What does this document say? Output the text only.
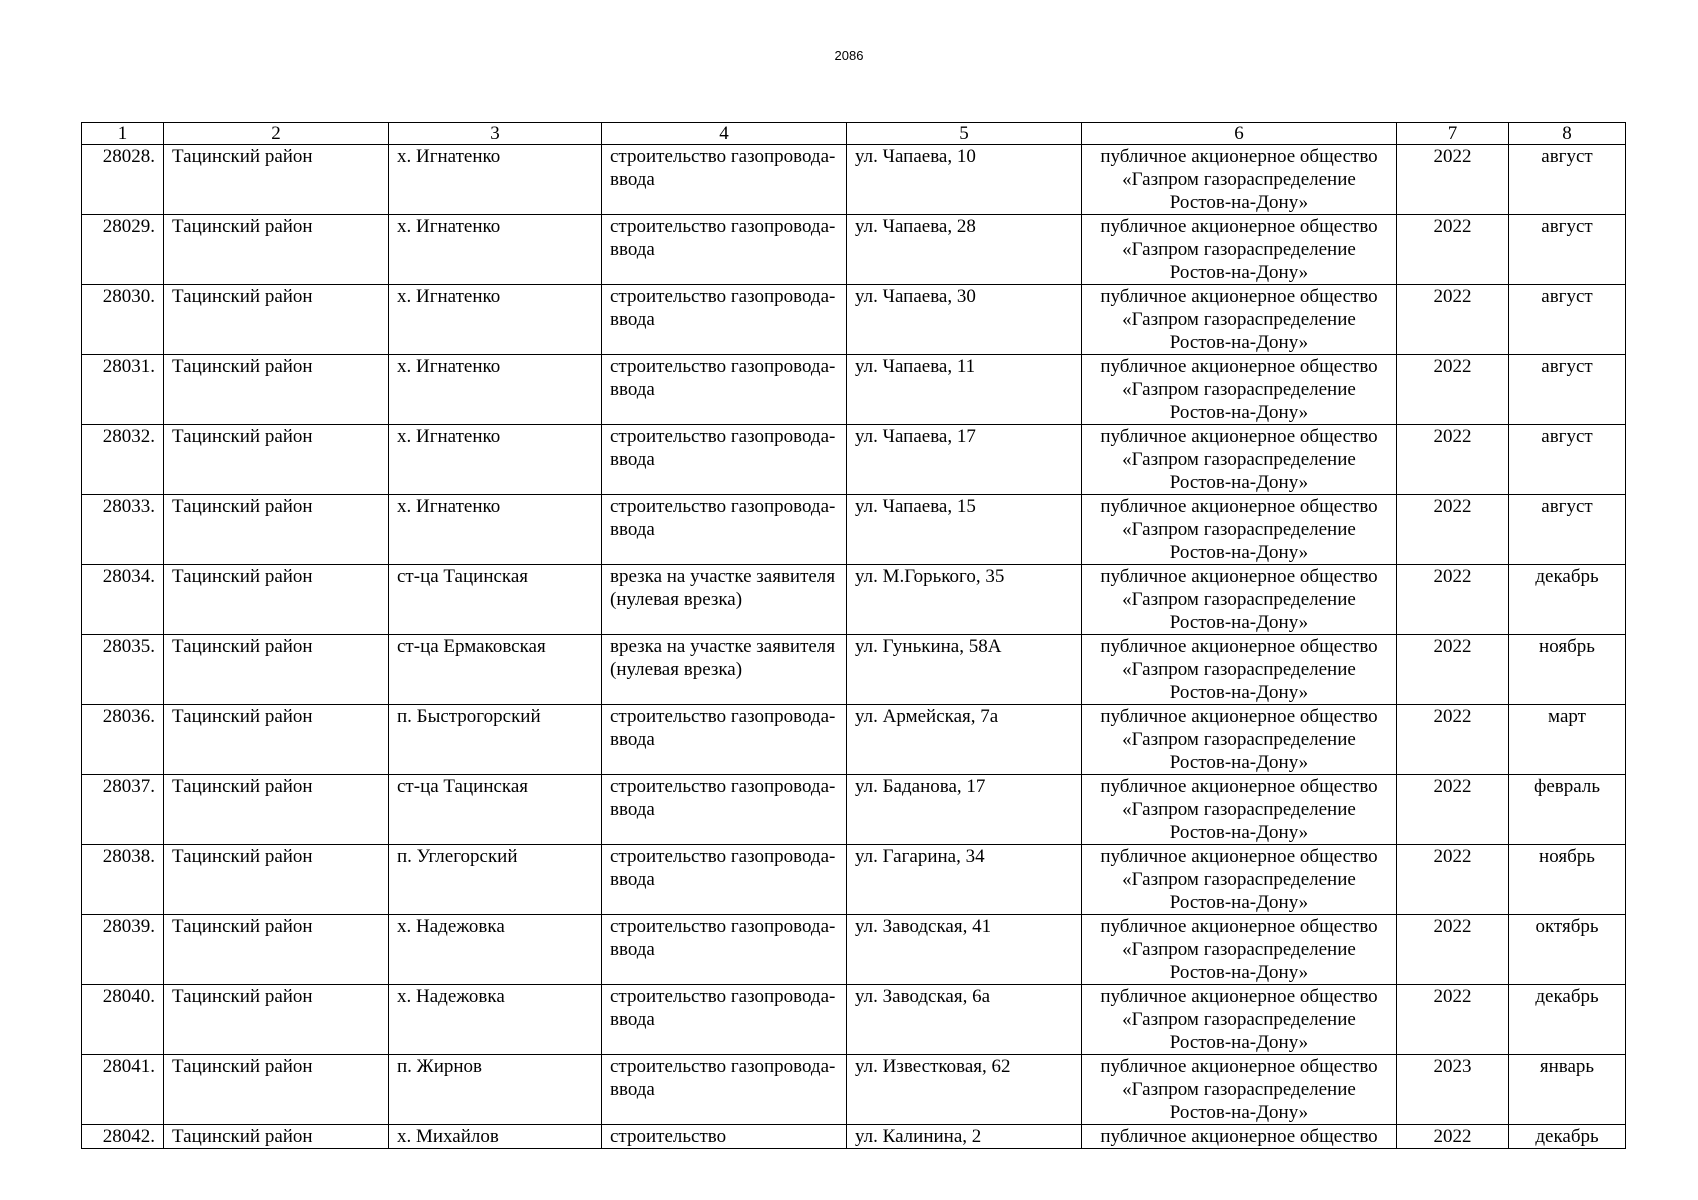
2086
1	2	3	4	5	6	7	8
28028.	Тацинский район	х. Игнатенко	строительство газопровода-ввода	ул. Чапаева, 10	публичное акционерное общество «Газпром газораспределение Ростов-на-Дону»	2022	август
28029.	Тацинский район	х. Игнатенко	строительство газопровода-ввода	ул. Чапаева, 28	публичное акционерное общество «Газпром газораспределение Ростов-на-Дону»	2022	август
28030.	Тацинский район	х. Игнатенко	строительство газопровода-ввода	ул. Чапаева, 30	публичное акционерное общество «Газпром газораспределение Ростов-на-Дону»	2022	август
28031.	Тацинский район	х. Игнатенко	строительство газопровода-ввода	ул. Чапаева, 11	публичное акционерное общество «Газпром газораспределение Ростов-на-Дону»	2022	август
28032.	Тацинский район	х. Игнатенко	строительство газопровода-ввода	ул. Чапаева, 17	публичное акционерное общество «Газпром газораспределение Ростов-на-Дону»	2022	август
28033.	Тацинский район	х. Игнатенко	строительство газопровода-ввода	ул. Чапаева, 15	публичное акционерное общество «Газпром газораспределение Ростов-на-Дону»	2022	август
28034.	Тацинский район	ст-ца Тацинская	врезка на участке заявителя (нулевая врезка)	ул. М.Горького, 35	публичное акционерное общество «Газпром газораспределение Ростов-на-Дону»	2022	декабрь
28035.	Тацинский район	ст-ца Ермаковская	врезка на участке заявителя (нулевая врезка)	ул. Гунькина, 58А	публичное акционерное общество «Газпром газораспределение Ростов-на-Дону»	2022	ноябрь
28036.	Тацинский район	п. Быстрогорский	строительство газопровода-ввода	ул. Армейская, 7а	публичное акционерное общество «Газпром газораспределение Ростов-на-Дону»	2022	март
28037.	Тацинский район	ст-ца Тацинская	строительство газопровода-ввода	ул. Баданова, 17	публичное акционерное общество «Газпром газораспределение Ростов-на-Дону»	2022	февраль
28038.	Тацинский район	п. Углегорский	строительство газопровода-ввода	ул. Гагарина, 34	публичное акционерное общество «Газпром газораспределение Ростов-на-Дону»	2022	ноябрь
28039.	Тацинский район	х. Надежовка	строительство газопровода-ввода	ул. Заводская, 41	публичное акционерное общество «Газпром газораспределение Ростов-на-Дону»	2022	октябрь
28040.	Тацинский район	х. Надежовка	строительство газопровода-ввода	ул. Заводская, 6а	публичное акционерное общество «Газпром газораспределение Ростов-на-Дону»	2022	декабрь
28041.	Тацинский район	п. Жирнов	строительство газопровода-ввода	ул. Известковая, 62	публичное акционерное общество «Газпром газораспределение Ростов-на-Дону»	2023	январь
28042.	Тацинский район	х. Михайлов	строительство	ул. Калинина, 2	публичное акционерное общество	2022	декабрь
